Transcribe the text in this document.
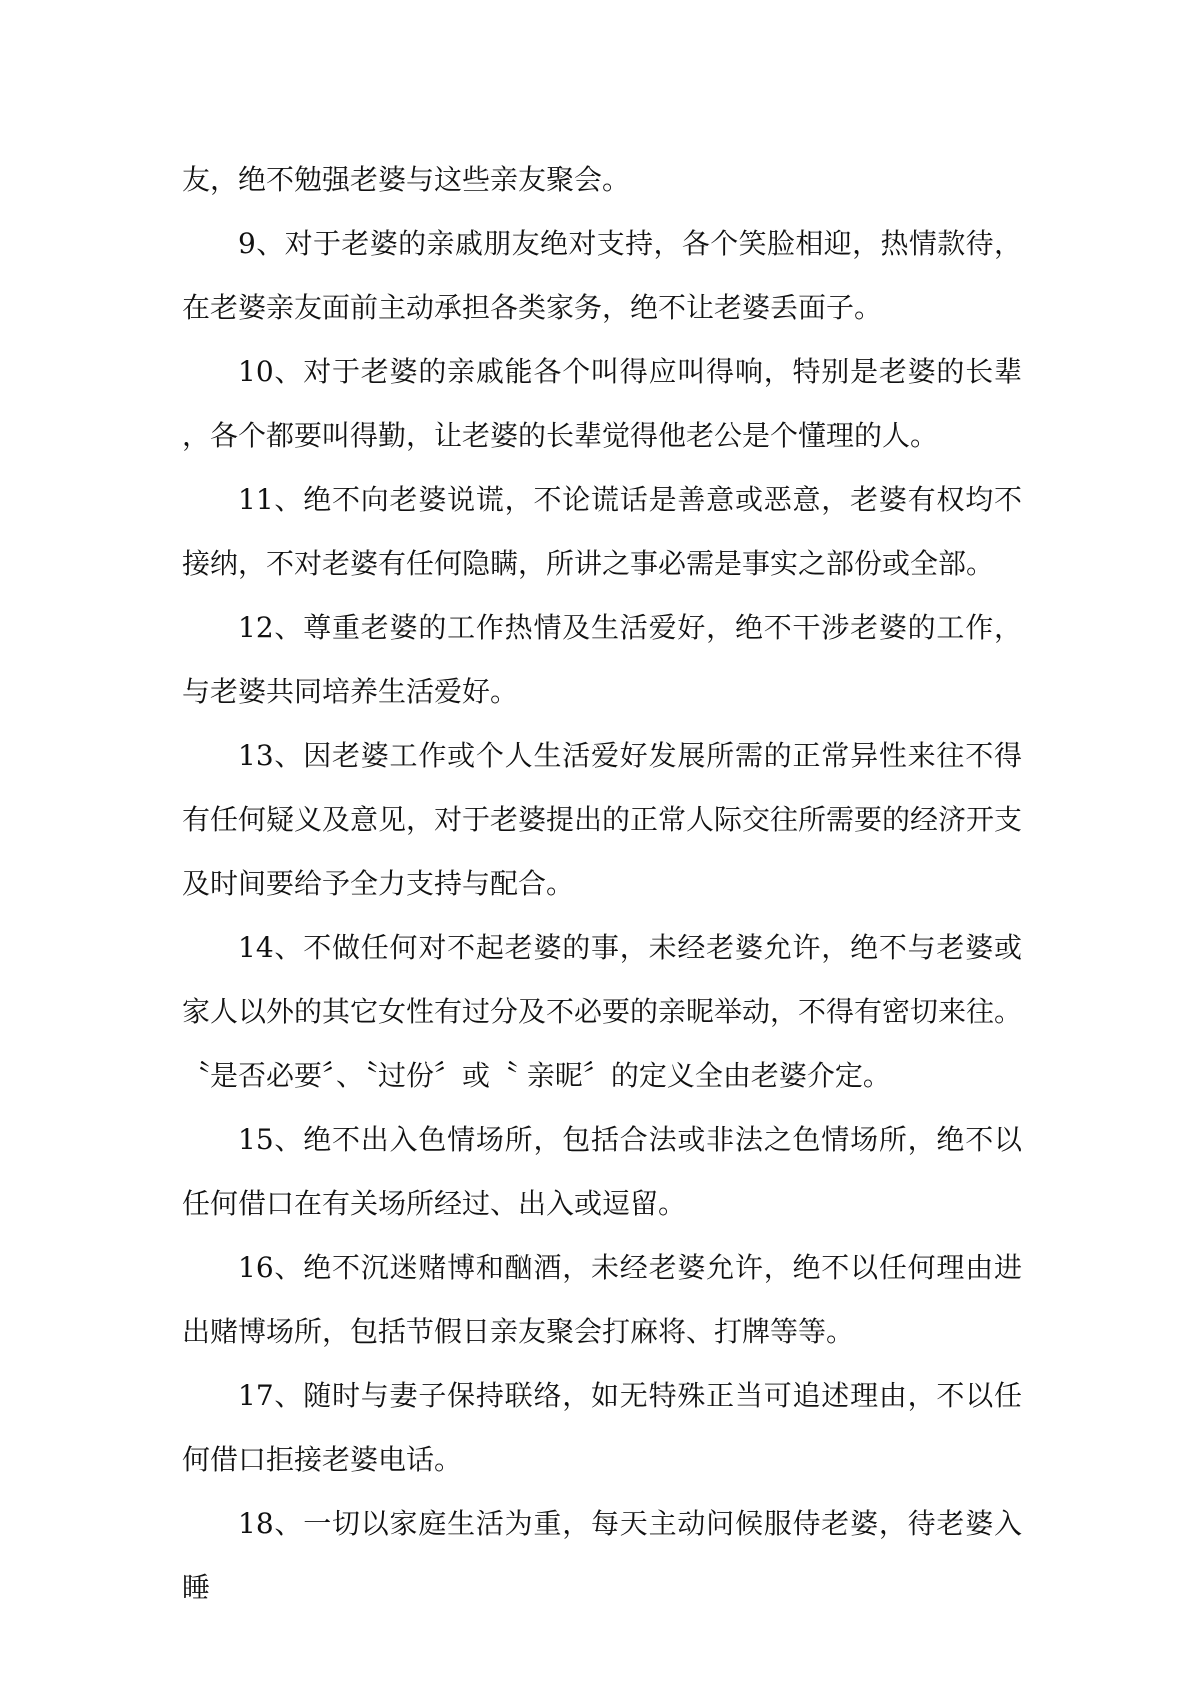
友，绝不勉强老婆与这些亲友聚会。

9、对于老婆的亲戚朋友绝对支持，各个笑脸相迎，热情款待，在老婆亲友面前主动承担各类家务，绝不让老婆丢面子。

10、对于老婆的亲戚能各个叫得应叫得响，特别是老婆的长辈，各个都要叫得勤，让老婆的长辈觉得他老公是个懂理的人。

11、绝不向老婆说谎，不论谎话是善意或恶意，老婆有权均不接纳，不对老婆有任何隐瞒，所讲之事必需是事实之部份或全部。

12、尊重老婆的工作热情及生活爱好，绝不干涉老婆的工作，与老婆共同培养生活爱好。

13、因老婆工作或个人生活爱好发展所需的正常异性来往不得有任何疑义及意见，对于老婆提出的正常人际交往所需要的经济开支及时间要给予全力支持与配合。

14、不做任何对不起老婆的事，未经老婆允许，绝不与老婆或家人以外的其它女性有过分及不必要的亲昵举动，不得有密切来往。〝是否必要〞、〝过份〞或〝 亲昵〞的定义全由老婆介定。

15、绝不出入色情场所，包括合法或非法之色情场所，绝不以任何借口在有关场所经过、出入或逗留。

16、绝不沉迷赌博和酗酒，未经老婆允许，绝不以任何理由进出赌博场所，包括节假日亲友聚会打麻将、打牌等等。

17、随时与妻子保持联络，如无特殊正当可追述理由，不以任何借口拒接老婆电话。

18、一切以家庭生活为重，每天主动问候服侍老婆，待老婆入睡
